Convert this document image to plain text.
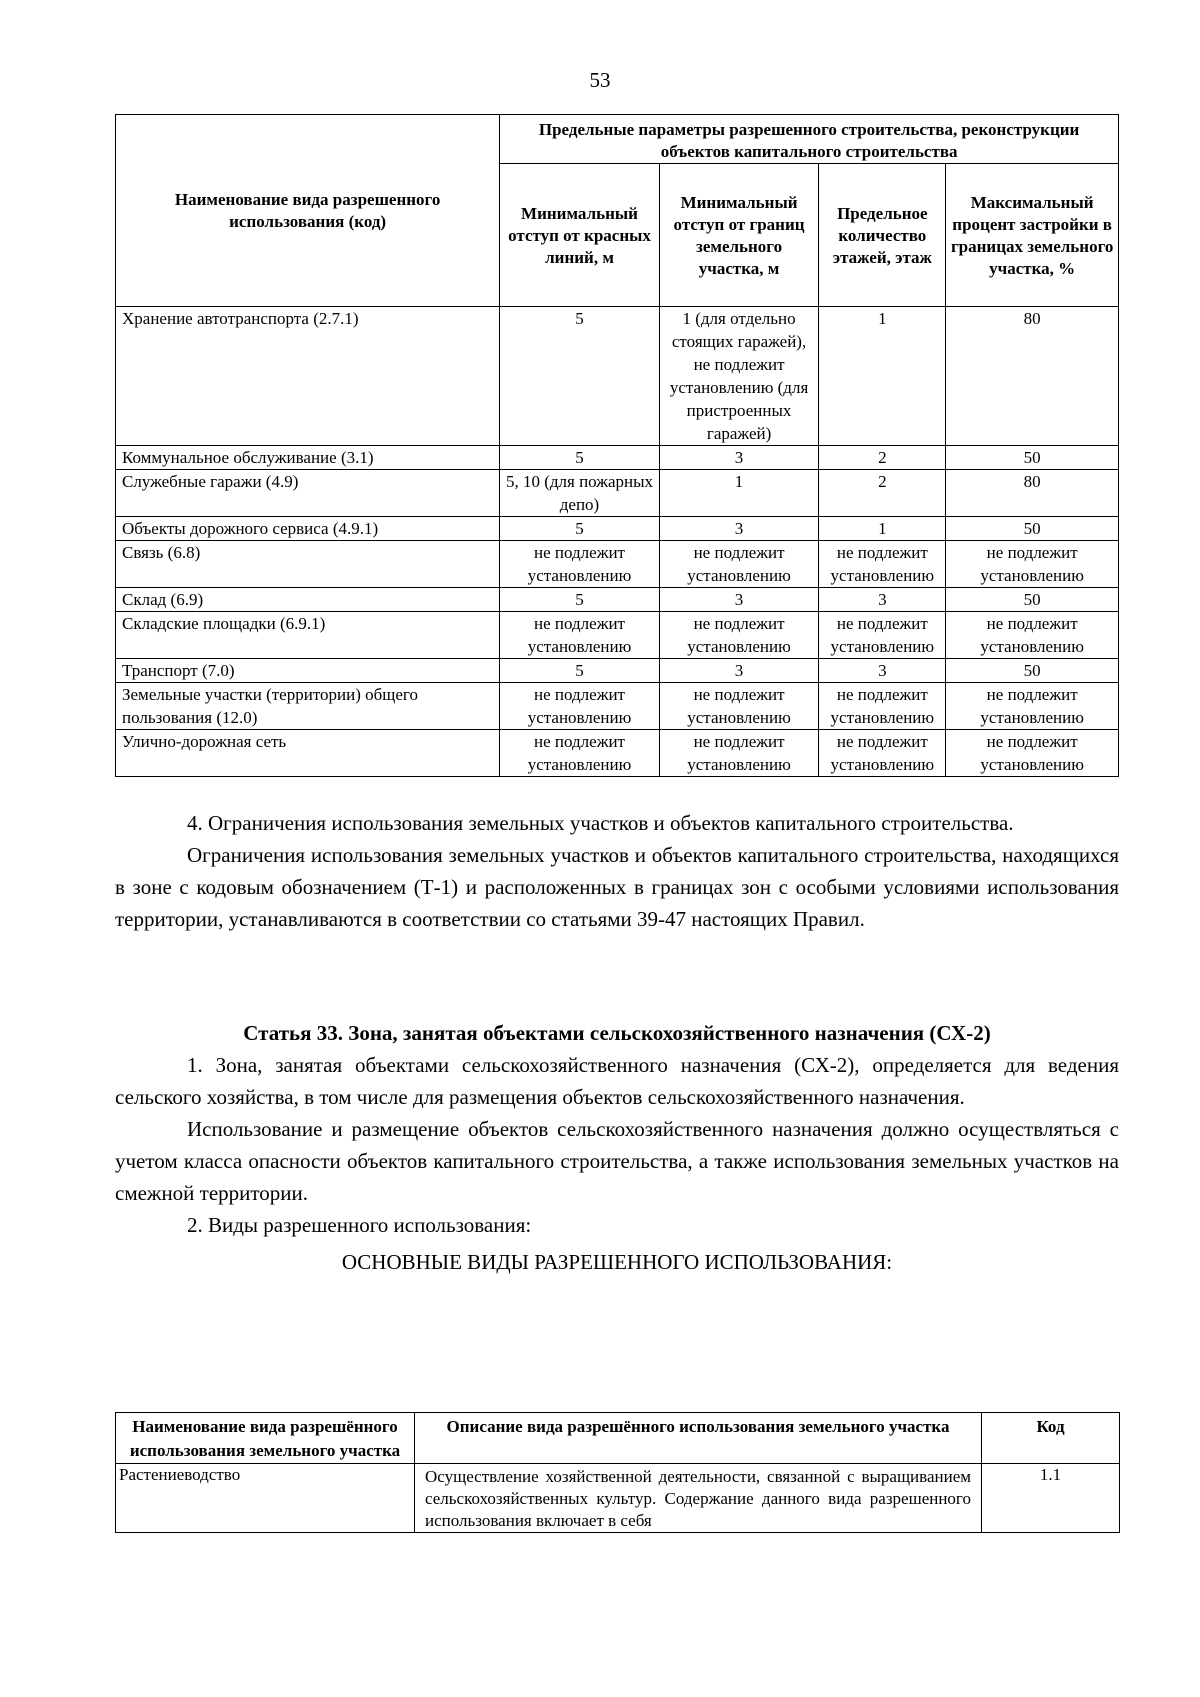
53
Наименование вида разрешенного использования (код)	Предельные параметры разрешенного строительства, реконструкции объектов капитального строительства			
	Минимальный отступ от красных линий, м	Минимальный отступ от границ земельного участка, м	Предельное количество этажей, этаж	Максимальный процент застройки в границах земельного участка, %
Хранение автотранспорта (2.7.1)	5	1 (для отдельно стоящих гаражей), не подлежит установлению (для пристроенных гаражей)	1	80
Коммунальное обслуживание (3.1)	5	3	2	50
Служебные гаражи (4.9)	5, 10 (для пожарных депо)	1	2	80
Объекты дорожного сервиса (4.9.1)	5	3	1	50
Связь (6.8)	не подлежит установлению	не подлежит установлению	не подлежит установлению	не подлежит установлению
Склад (6.9)	5	3	3	50
Складские площадки (6.9.1)	не подлежит установлению	не подлежит установлению	не подлежит установлению	не подлежит установлению
Транспорт (7.0)	5	3	3	50
Земельные участки (территории) общего пользования (12.0)	не подлежит установлению	не подлежит установлению	не подлежит установлению	не подлежит установлению
Улично-дорожная сеть	не подлежит установлению	не подлежит установлению	не подлежит установлению	не подлежит установлению

4. Ограничения использования земельных участков и объектов капитального строительства.

Ограничения использования земельных участков и объектов капитального строительства, находящихся в зоне с кодовым обозначением (Т-1) и расположенных в границах зон с особыми условиями использования территории, устанавливаются в соответствии со статьями 39-47 настоящих Правил.

Статья 33. Зона, занятая объектами сельскохозяйственного назначения (СХ-2)

1. Зона, занятая объектами сельскохозяйственного назначения (СХ-2), определяется для ведения сельского хозяйства, в том числе для размещения объектов сельскохозяйственного назначения.

Использование и размещение объектов сельскохозяйственного назначения должно осуществляться с учетом класса опасности объектов капитального строительства, а также использования земельных участков на смежной территории.

2. Виды разрешенного использования:

ОСНОВНЫЕ ВИДЫ РАЗРЕШЕННОГО ИСПОЛЬЗОВАНИЯ:

Наименование вида разрешённого использования земельного участка	Описание вида разрешённого использования земельного участка	Код
Растениеводство	Осуществление хозяйственной деятельности, связанной с выращиванием сельскохозяйственных культур. Содержание данного вида разрешенного использования включает в себя	1.1
